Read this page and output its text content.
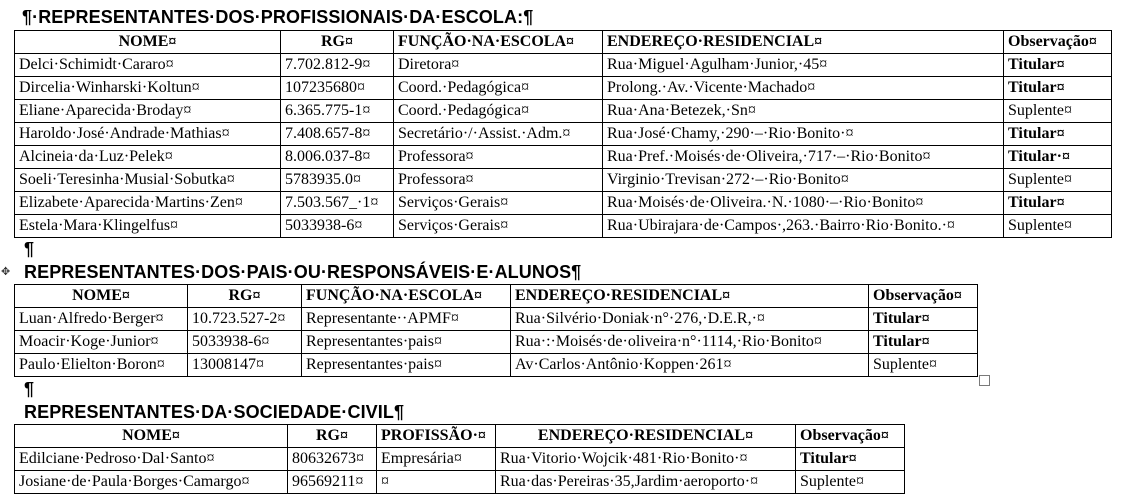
¶·REPRESENTANTES·DOS·PROFISSIONAIS·DA·ESCOLA:¶
NOME¤	RG¤	FUNÇÃO·NA·ESCOLA¤	ENDEREÇO·RESIDENCIAL¤	Observação¤
Delci·Schimidt·Cararo¤	7.702.812-9¤	Diretora¤	Rua·Miguel·Agulham·Junior,·45¤	Titular¤
Dircelia·Winharski·Koltun¤	107235680¤	Coord.·Pedagógica¤	Prolong.·Av.·Vicente·Machado¤	Titular¤
Eliane·Aparecida·Broday¤	6.365.775-1¤	Coord.·Pedagógica¤	Rua·Ana·Betezek,·Sn¤	Suplente¤
Haroldo·José·Andrade·Mathias¤	7.408.657-8¤	Secretário·/·Assist.·Adm.¤	Rua·José·Chamy,·290·–·Rio·Bonito·¤	Titular¤
Alcineia·da·Luz·Pelek¤	8.006.037-8¤	Professora¤	Rua·Pref.·Moisés·de·Oliveira,·717·–·Rio·Bonito¤	Titular·¤
Soeli·Teresinha·Musial·Sobutka¤	5783935.0¤	Professora¤	Virginio·Trevisan·272·–·Rio·Bonito¤	Suplente¤
Elizabete·Aparecida·Martins·Zen¤	7.503.567_·1¤	Serviços·Gerais¤	Rua·Moisés·de·Oliveira.·N.·1080·–·Rio·Bonito¤	Titular¤
Estela·Mara·Klingelfus¤	5033938-6¤	Serviços·Gerais¤	Rua·Ubirajara·de·Campos·,263.·Bairro·Rio·Bonito.·¤	Suplente¤
¶
✥ REPRESENTANTES·DOS·PAIS·OU·RESPONSÁVEIS·E·ALUNOS¶
NOME¤	RG¤	FUNÇÃO·NA·ESCOLA¤	ENDEREÇO·RESIDENCIAL¤	Observação¤
Luan·Alfredo·Berger¤	10.723.527-2¤	Representante··APMF¤	Rua·Silvério·Doniak·n°·276,·D.E.R,·¤	Titular¤
Moacir·Koge·Junior¤	5033938-6¤	Representantes·pais¤	Rua·:·Moisés·de·oliveira·n°·1114,·Rio·Bonito¤	Titular¤
Paulo·Elielton·Boron¤	13008147¤	Representantes·pais¤	Av·Carlos·Antônio·Koppen·261¤	Suplente¤
¶
REPRESENTANTES·DA·SOCIEDADE·CIVIL¶
NOME¤	RG¤	PROFISSÃO·¤	ENDEREÇO·RESIDENCIAL¤	Observação¤
Edilciane·Pedroso·Dal·Santo¤	80632673¤	Empresária¤	Rua·Vitorio·Wojcik·481·Rio·Bonito·¤	Titular¤
Josiane·de·Paula·Borges·Camargo¤	96569211¤	¤	Rua·das·Pereiras·35,Jardim·aeroporto·¤	Suplente¤
